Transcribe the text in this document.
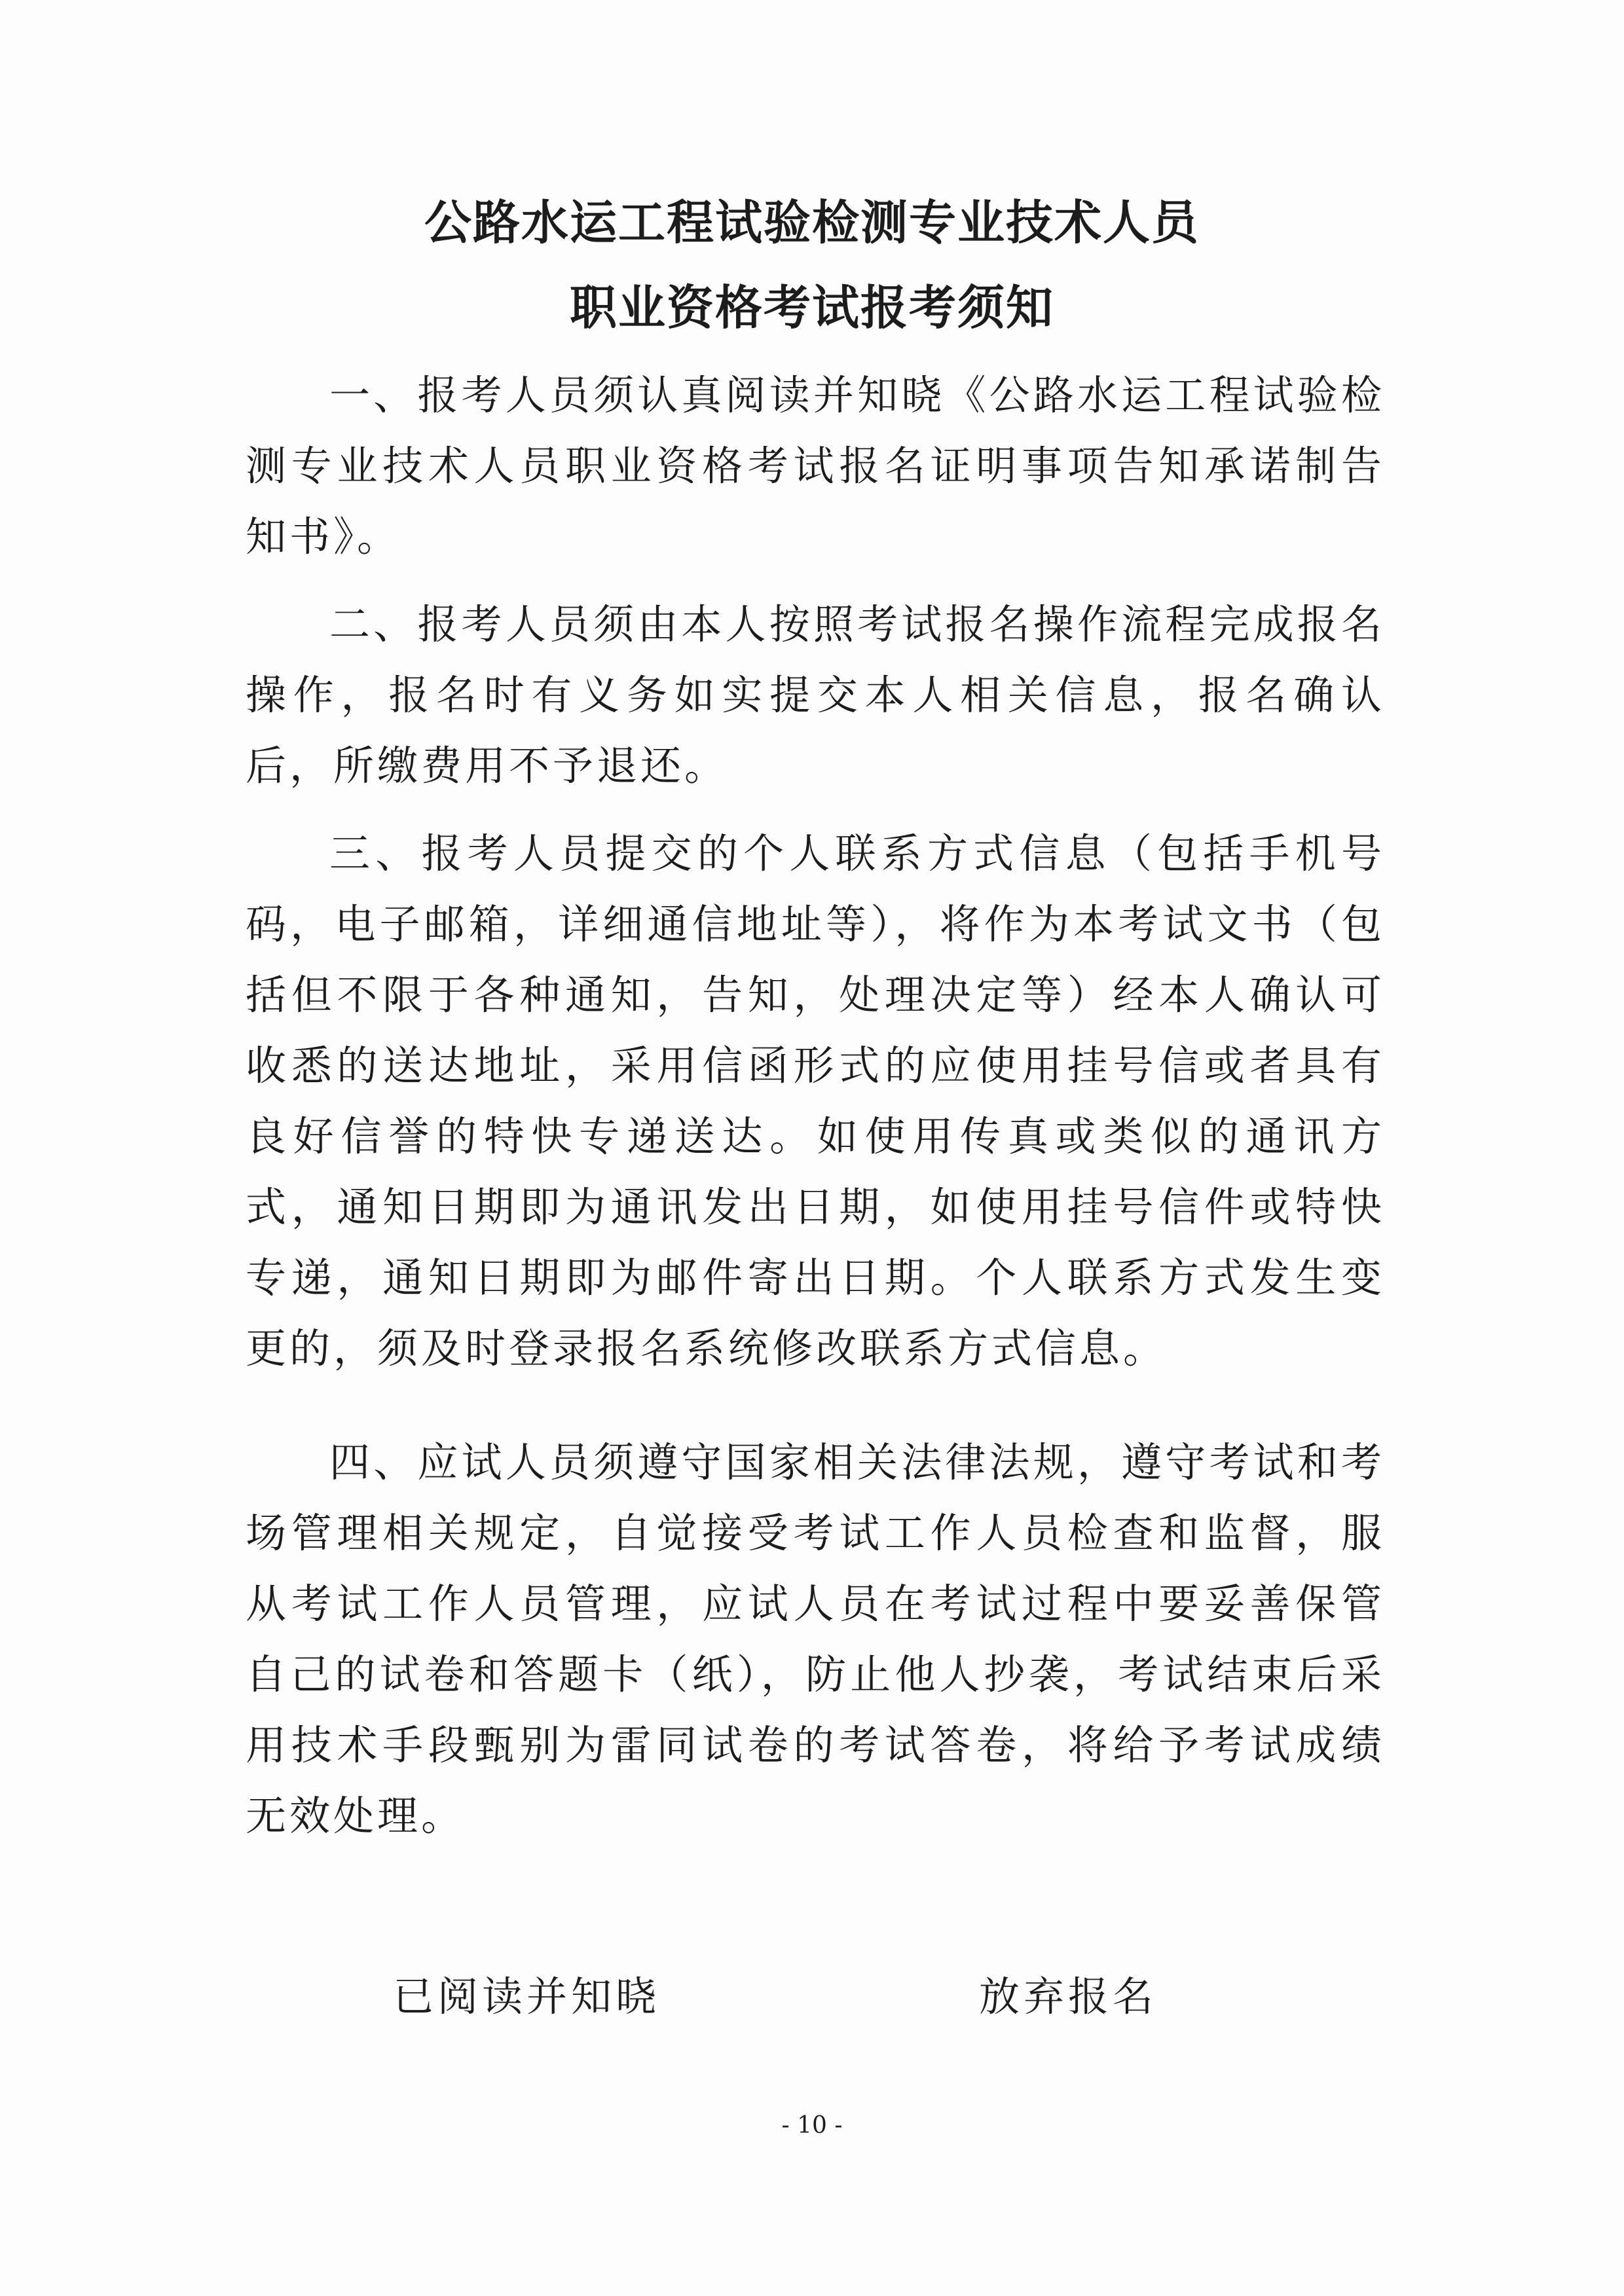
公路水运工程试验检测专业技术人员
职业资格考试报考须知

一、报考人员须认真阅读并知晓《公路水运工程试验检测专业技术人员职业资格考试报名证明事项告知承诺制告知书》。

二、报考人员须由本人按照考试报名操作流程完成报名操作，报名时有义务如实提交本人相关信息，报名确认后，所缴费用不予退还。

三、报考人员提交的个人联系方式信息（包括手机号码，电子邮箱，详细通信地址等），将作为本考试文书（包括但不限于各种通知，告知，处理决定等）经本人确认可收悉的送达地址，采用信函形式的应使用挂号信或者具有良好信誉的特快专递送达。如使用传真或类似的通讯方式，通知日期即为通讯发出日期，如使用挂号信件或特快专递，通知日期即为邮件寄出日期。个人联系方式发生变更的，须及时登录报名系统修改联系方式信息。

四、应试人员须遵守国家相关法律法规，遵守考试和考场管理相关规定，自觉接受考试工作人员检查和监督，服从考试工作人员管理，应试人员在考试过程中要妥善保管自己的试卷和答题卡（纸），防止他人抄袭，考试结束后采用技术手段甄别为雷同试卷的考试答卷，将给予考试成绩无效处理。

已阅读并知晓	放弃报名
- 10 -
